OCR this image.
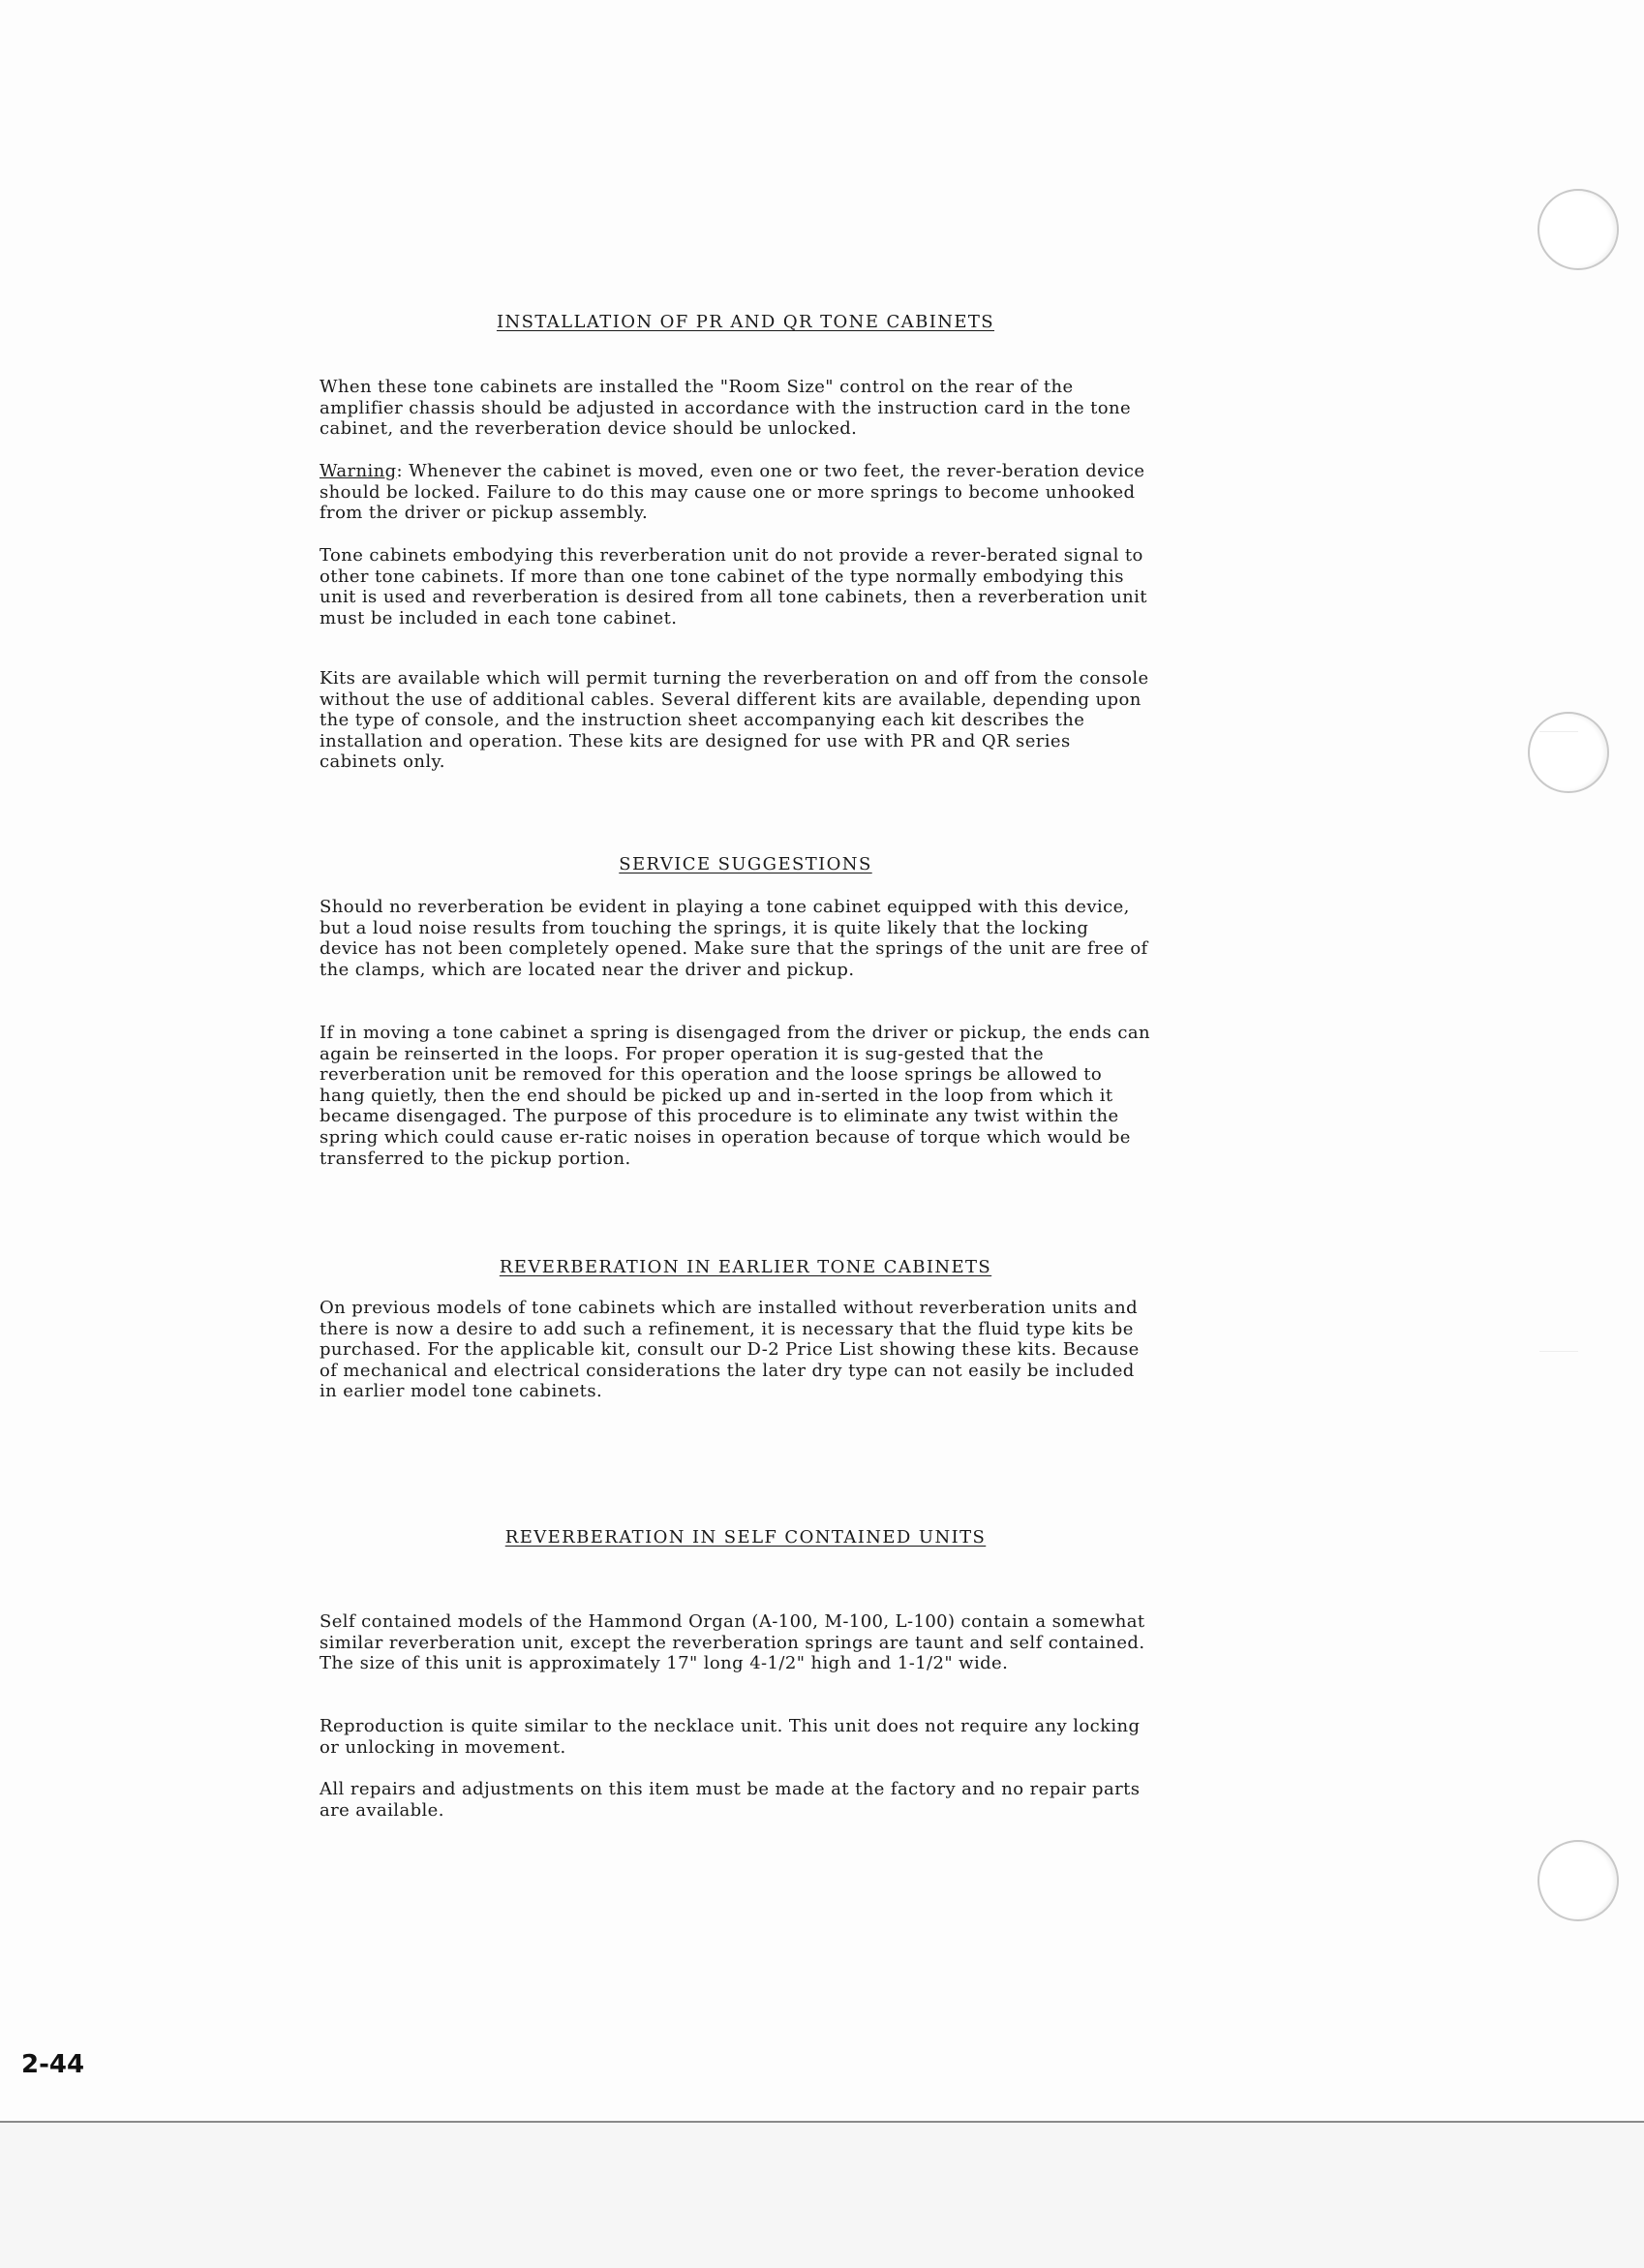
INSTALLATION OF PR AND QR TONE CABINETS

When these tone cabinets are installed the "Room Size" control on the rear of the amplifier chassis should be adjusted in accordance with the instruction card in the tone cabinet, and the reverberation device should be unlocked.

Warning: Whenever the cabinet is moved, even one or two feet, the rever-beration device should be locked. Failure to do this may cause one or more springs to become unhooked from the driver or pickup assembly.

Tone cabinets embodying this reverberation unit do not provide a rever-berated signal to other tone cabinets. If more than one tone cabinet of the type normally embodying this unit is used and reverberation is desired from all tone cabinets, then a reverberation unit must be included in each tone cabinet.

Kits are available which will permit turning the reverberation on and off from the console without the use of additional cables. Several different kits are available, depending upon the type of console, and the instruction sheet accompanying each kit describes the installation and operation. These kits are designed for use with PR and QR series cabinets only.

SERVICE SUGGESTIONS

Should no reverberation be evident in playing a tone cabinet equipped with this device, but a loud noise results from touching the springs, it is quite likely that the locking device has not been completely opened. Make sure that the springs of the unit are free of the clamps, which are located near the driver and pickup.

If in moving a tone cabinet a spring is disengaged from the driver or pickup, the ends can again be reinserted in the loops. For proper operation it is sug-gested that the reverberation unit be removed for this operation and the loose springs be allowed to hang quietly, then the end should be picked up and in-serted in the loop from which it became disengaged. The purpose of this procedure is to eliminate any twist within the spring which could cause er-ratic noises in operation because of torque which would be transferred to the pickup portion.

REVERBERATION IN EARLIER TONE CABINETS

On previous models of tone cabinets which are installed without reverberation units and there is now a desire to add such a refinement, it is necessary that the fluid type kits be purchased. For the applicable kit, consult our D-2 Price List showing these kits. Because of mechanical and electrical considerations the later dry type can not easily be included in earlier model tone cabinets.

REVERBERATION IN SELF CONTAINED UNITS

Self contained models of the Hammond Organ (A-100, M-100, L-100) contain a somewhat similar reverberation unit, except the reverberation springs are taunt and self contained. The size of this unit is approximately 17" long 4-1/2" high and 1-1/2" wide.

Reproduction is quite similar to the necklace unit. This unit does not require any locking or unlocking in movement.

All repairs and adjustments on this item must be made at the factory and no repair parts are available.

2-44
